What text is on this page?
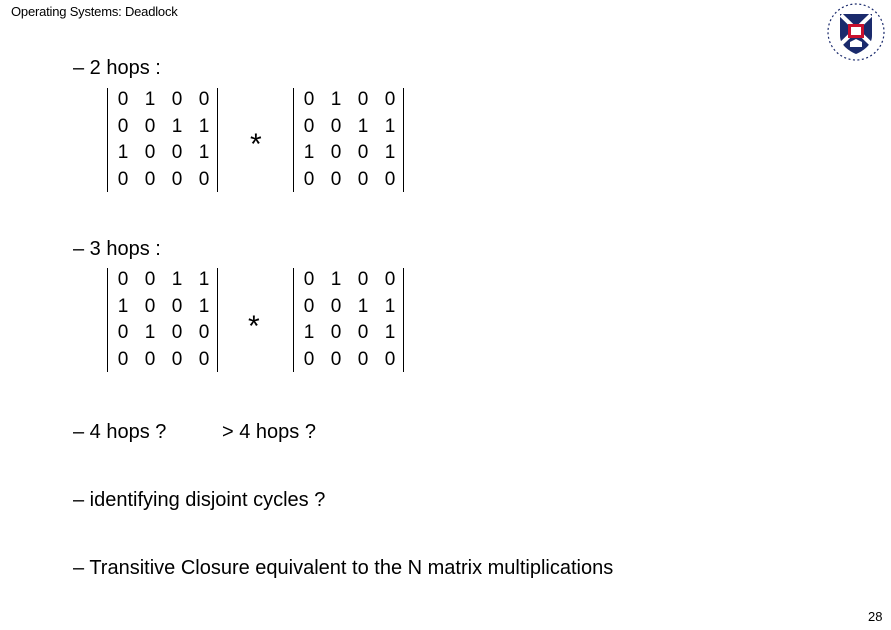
Operating Systems: Deadlock
– 2 hops :
0 1 0 0
0 0 1 1
1 0 0 1
0 0 0 0
*
0 1 0 0
0 0 1 1
1 0 0 1
0 0 0 0
– 3 hops :
0 0 1 1
1 0 0 1
0 1 0 0
0 0 0 0
*
0 1 0 0
0 0 1 1
1 0 0 1
0 0 0 0
– 4 hops ?	> 4 hops ?
– identifying disjoint cycles ?
– Transitive Closure equivalent to the N matrix multiplications
28
